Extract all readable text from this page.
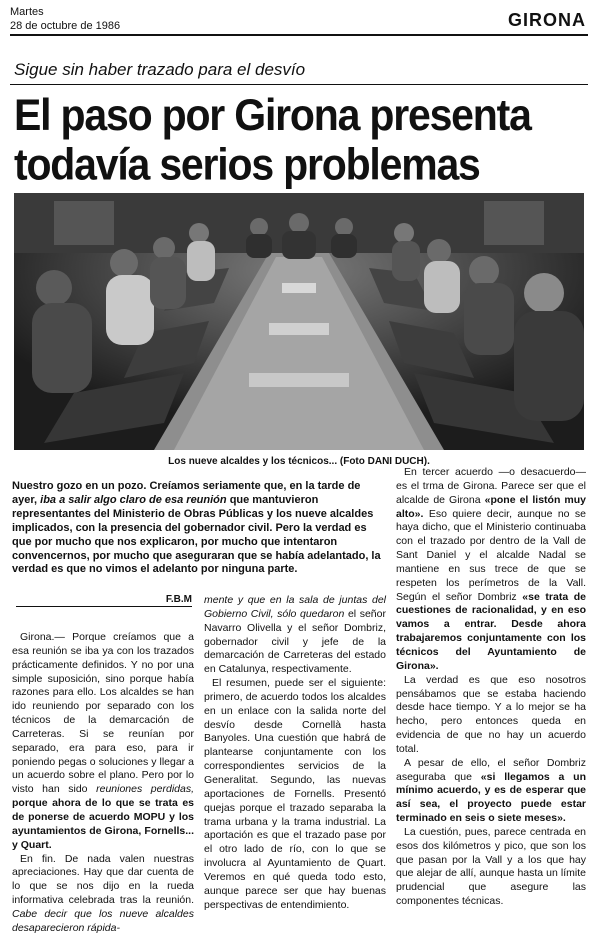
Martes
28 de octubre de 1986	GIRONA
Sigue sin haber trazado para el desvío
El paso por Girona presenta
todavía serios problemas
Los nueve alcaldes y los técnicos... (Foto DANI DUCH).
Nuestro gozo en un pozo. Creíamos seriamente que, en la tarde de ayer, iba a salir algo claro de esa reunión que mantuvieron representantes del Ministerio de Obras Públicas y los nueve alcaldes implicados, con la presencia del gobernador civil. Pero la verdad es que por mucho que nos explicaron, por mucho que intentaron convencernos, por mucho que aseguraran que se había adelantado, la verdad es que no vimos el adelanto por ninguna parte.
F.B.M

Girona.— Porque creíamos que a esa reunión se iba ya con los trazados prácticamente definidos. Y no por una simple suposición, sino porque había razones para ello. Los alcaldes se han ido reuniendo por separado con los técnicos de la demarcación de Carreteras. Si se reunían por separado, era para eso, para ir poniendo pegas o soluciones y llegar a un acuerdo sobre el plano. Pero por lo visto han sido reuniones perdidas, porque ahora de lo que se trata es de ponerse de acuerdo MOPU y los ayuntamientos de Girona, Fornells... y Quart.

En fin. De nada valen nuestras apreciaciones. Hay que dar cuenta de lo que se nos dijo en la rueda informativa celebrada tras la reunión. Cabe decir que los nueve alcaldes desaparecieron rápida-

mente y que en la sala de juntas del Gobierno Civil, sólo quedaron el señor Navarro Olivella y el señor Dombriz, gobernador civil y jefe de la demarcación de Carreteras del estado en Catalunya, respectivamente.

El resumen, puede ser el siguiente: primero, de acuerdo todos los alcaldes en un enlace con la salida norte del desvío desde Cornellà hasta Banyoles. Una cuestión que habrá de plantearse conjuntamente con los correspondientes servicios de la Generalitat. Segundo, las nuevas aportaciones de Fornells. Presentó quejas porque el trazado separaba la trama urbana y la trama industrial. La aportación es que el trazado pase por el otro lado de río, con lo que se involucra al Ayuntamiento de Quart. Veremos en qué queda todo esto, aunque parece ser que hay buenas perspectivas de entendimiento.

En tercer acuerdo —o desacuerdo— es el trma de Girona. Parece ser que el alcalde de Girona «pone el listón muy alto». Eso quiere decir, aunque no se haya dicho, que el Ministerio continuaba con el trazado por dentro de la Vall de Sant Daniel y el alcalde Nadal se mantiene en sus trece de que se respeten los perímetros de la Vall. Según el señor Dombriz «se trata de cuestiones de racionalidad, y en eso vamos a entrar. Desde ahora trabajaremos conjuntamente con los técnicos del Ayuntamiento de Girona».

La verdad es que eso nosotros pensábamos que se estaba haciendo desde hace tiempo. Y a lo mejor se ha hecho, pero entonces queda en evidencia de que no hay un acuerdo total.

A pesar de ello, el señor Dombriz aseguraba que «si llegamos a un mínimo acuerdo, y es de esperar que así sea, el proyecto puede estar terminado en seis o siete meses».

La cuestión, pues, parece centrada en esos dos kilómetros y pico, que son los que pasan por la Vall y a los que hay que alejar de allí, aunque hasta un límite prudencial que asegure las componentes técnicas.
